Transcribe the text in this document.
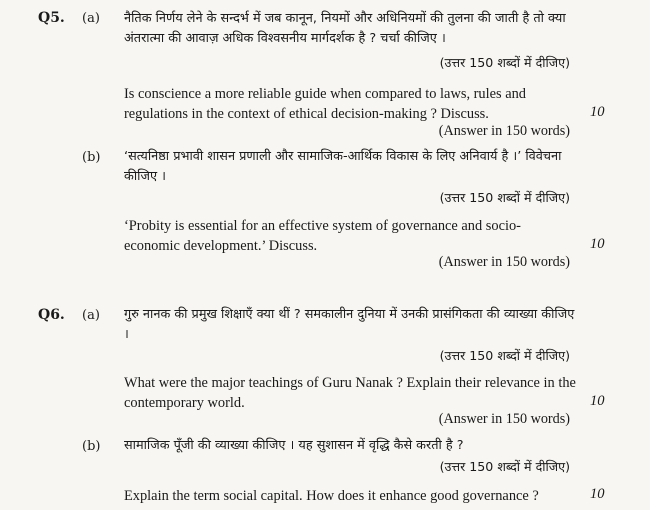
Q5. (a) नैतिक निर्णय लेने के सन्दर्भ में जब कानून, नियमों और अधिनियमों की तुलना की जाती है तो क्या अंतरात्मा की आवाज़ अधिक विश्वसनीय मार्गदर्शक है ? चर्चा कीजिए ।
(उत्तर 150 शब्दों में दीजिए)
Is conscience a more reliable guide when compared to laws, rules and regulations in the context of ethical decision-making ? Discuss.	10
(Answer in 150 words)
(b) ‘सत्यनिष्ठा प्रभावी शासन प्रणाली और सामाजिक-आर्थिक विकास के लिए अनिवार्य है ।’ विवेचना कीजिए ।
(उत्तर 150 शब्दों में दीजिए)
‘Probity is essential for an effective system of governance and socio-economic development.’ Discuss.	10
(Answer in 150 words)
Q6. (a) गुरु नानक की प्रमुख शिक्षाएँ क्या थीं ? समकालीन दुनिया में उनकी प्रासंगिकता की व्याख्या कीजिए ।
(उत्तर 150 शब्दों में दीजिए)
What were the major teachings of Guru Nanak ? Explain their relevance in the contemporary world.	10
(Answer in 150 words)
(b) सामाजिक पूँजी की व्याख्या कीजिए । यह सुशासन में वृद्धि कैसे करती है ?
(उत्तर 150 शब्दों में दीजिए)
Explain the term social capital. How does it enhance good governance ?	10
